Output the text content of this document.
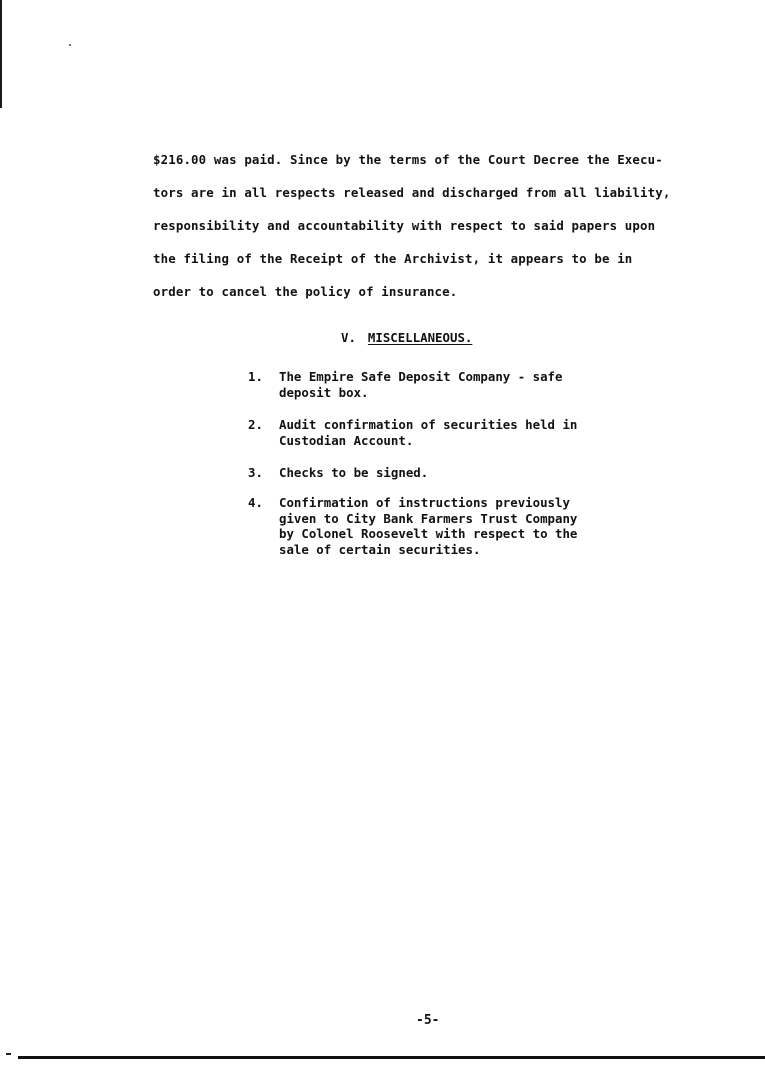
$216.00 was paid. Since by the terms of the Court Decree the Execu-
tors are in all respects released and discharged from all liability,
responsibility and accountability with respect to said papers upon
the filing of the Receipt of the Archivist, it appears to be in
order to cancel the policy of insurance.
V. MISCELLANEOUS.
1. The Empire Safe Deposit Company - safe
deposit box.
2. Audit confirmation of securities held in
Custodian Account.
3. Checks to be signed.
4. Confirmation of instructions previously
given to City Bank Farmers Trust Company
by Colonel Roosevelt with respect to the
sale of certain securities.
-5-
